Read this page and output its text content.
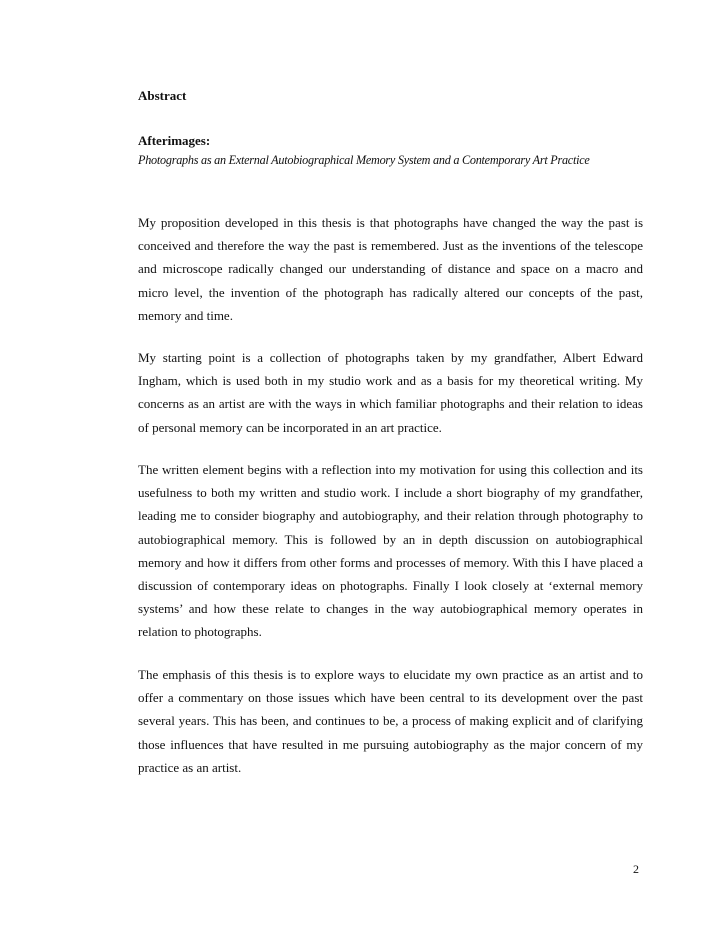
Abstract

Afterimages:

Photographs as an External Autobiographical Memory System and a Contemporary Art Practice

My proposition developed in this thesis is that photographs have changed the way the past is conceived and therefore the way the past is remembered. Just as the inventions of the telescope and microscope radically changed our understanding of distance and space on a macro and micro level, the invention of the photograph has radically altered our concepts of the past, memory and time.

My starting point is a collection of photographs taken by my grandfather, Albert Edward Ingham, which is used both in my studio work and as a basis for my theoretical writing. My concerns as an artist are with the ways in which familiar photographs and their relation to ideas of personal memory can be incorporated in an art practice.

The written element begins with a reflection into my motivation for using this collection and its usefulness to both my written and studio work. I include a short biography of my grandfather, leading me to consider biography and autobiography, and their relation through photography to autobiographical memory. This is followed by an in depth discussion on autobiographical memory and how it differs from other forms and processes of memory. With this I have placed a discussion of contemporary ideas on photographs. Finally I look closely at ‘external memory systems’ and how these relate to changes in the way autobiographical memory operates in relation to photographs.

The emphasis of this thesis is to explore ways to elucidate my own practice as an artist and to offer a commentary on those issues which have been central to its development over the past several years. This has been, and continues to be, a process of making explicit and of clarifying those influences that have resulted in me pursuing autobiography as the major concern of my practice as an artist.

2
